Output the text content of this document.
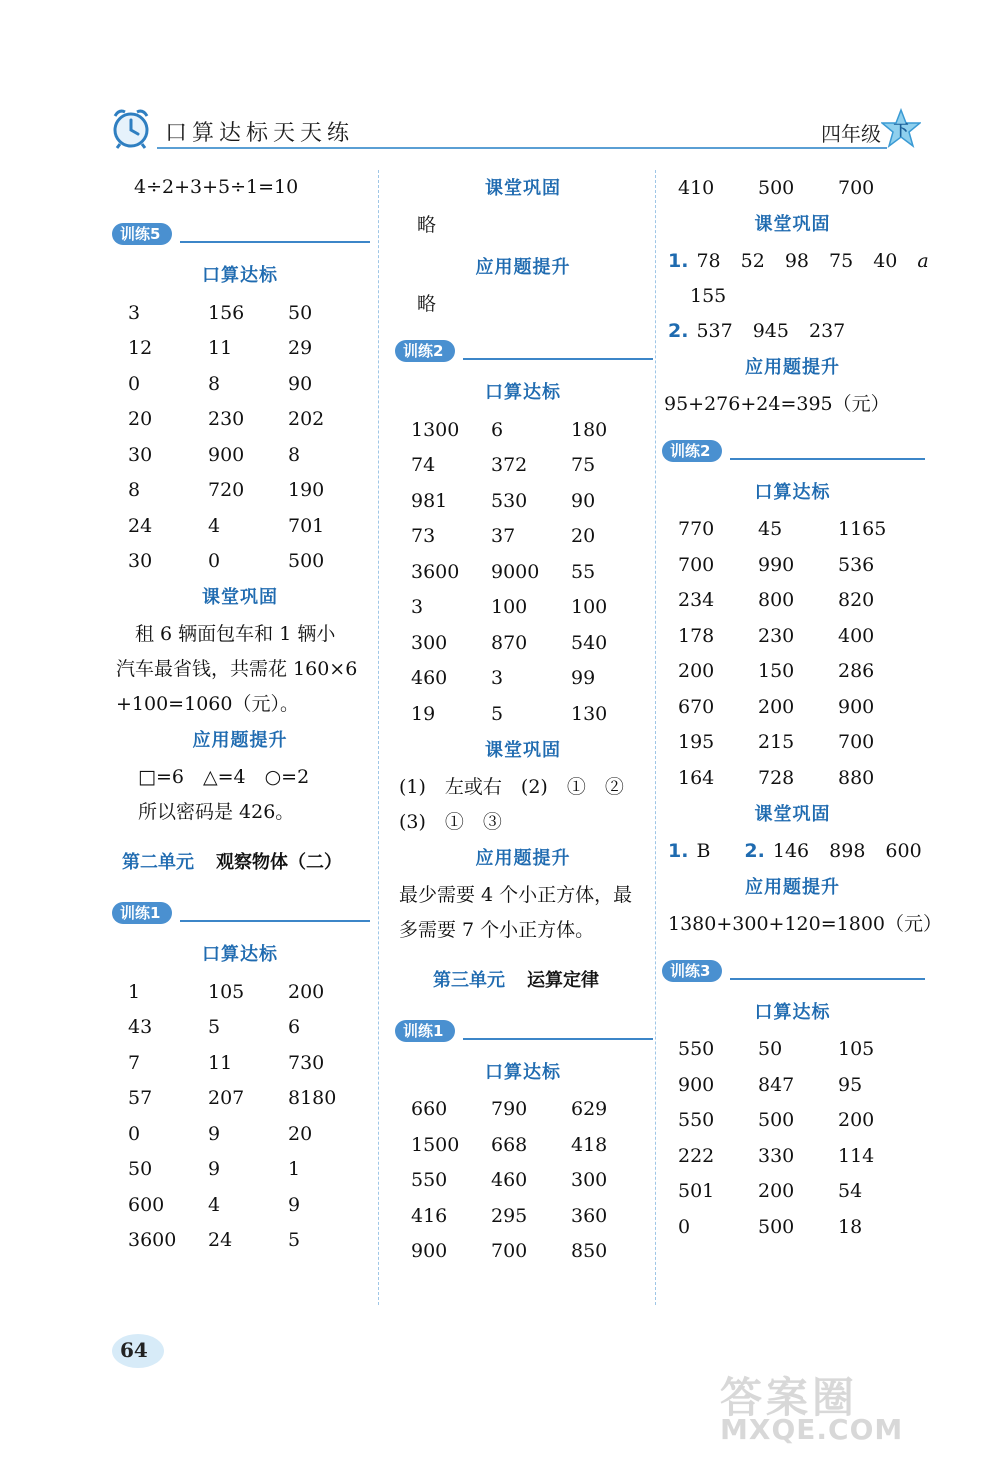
口算达标天天练	四年级 下
4÷2+3+5÷1=10
训练5
口算达标
3	156	50
12	11	29
0	8	90
20	230	202
30	900	8
8	720	190
24	4	701
30	0	500
课堂巩固
　租 6 辆面包车和 1 辆小
汽车最省钱，共需花 160×6
+100=1060（元）。
应用题提升
□=6　△=4　○=2
所以密码是 426。
第二单元 观察物体（二）
训练1
口算达标
1	105	200
43	5	6
7	11	730
57	207	8180
0	9	20
50	9	1
600	4	9
3600	24	5
课堂巩固
略
应用题提升
略
训练2
口算达标
1300	6	180
74	372	75
981	530	90
73	37	20
3600	9000	55
3	100	100
300	870	540
460	3	99
19	5	130
课堂巩固
(1)　左或右　(2)　①　②
(3)　①　③
应用题提升
最少需要 4 个小正方体，最
多需要 7 个小正方体。
第三单元 运算定律
训练1
口算达标
660	790	629
1500	668	418
550	460	300
416	295	360
900	700	850
410	500	700
课堂巩固
1. 78 52 98 75 40 a
155
2. 537 945 237
应用题提升
95+276+24=395（元）
训练2
口算达标
770	45	1165
700	990	536
234	800	820
178	230	400
200	150	286
670	200	900
195	215	700
164	728	880
课堂巩固
1. B 2. 146 898 600
应用题提升
1380+300+120=1800（元）
训练3
口算达标
550	50	105
900	847	95
550	500	200
222	330	114
501	200	54
0	500	18
64
答案圈
MXQE.COM
